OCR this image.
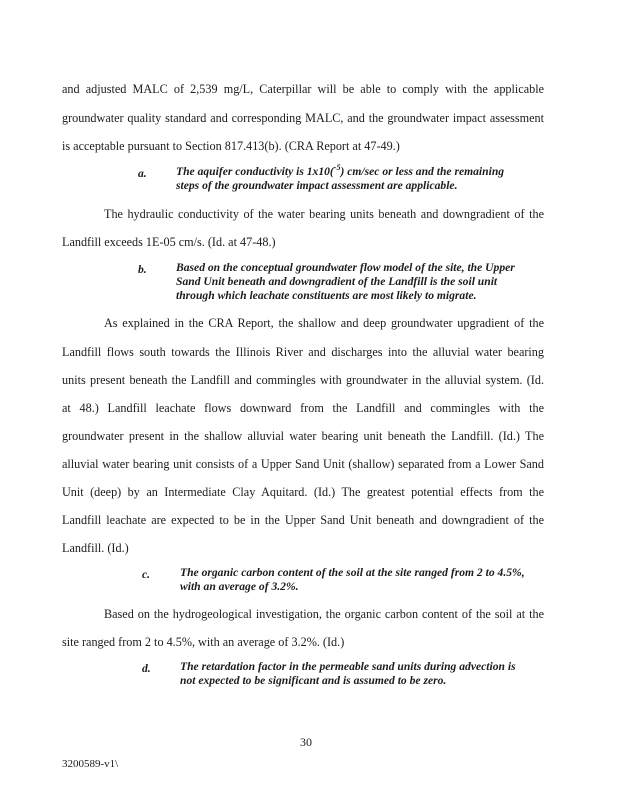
and adjusted MALC of 2,539 mg/L, Caterpillar will be able to comply with the applicable
groundwater quality standard and corresponding MALC, and the groundwater impact assessment
is acceptable pursuant to Section 817.413(b). (CRA Report at 47-49.)
a.	The aquifer conductivity is 1x10($^{-5}$) cm/sec or less and the remaining
steps of the groundwater impact assessment are applicable.
The hydraulic conductivity of the water bearing units beneath and downgradient of the
Landfill exceeds 1E-05 cm/s. (Id. at 47-48.)
b.	Based on the conceptual groundwater flow model of the site, the Upper
Sand Unit beneath and downgradient of the Landfill is the soil unit
through which leachate constituents are most likely to migrate.
As explained in the CRA Report, the shallow and deep groundwater upgradient of the
Landfill flows south towards the Illinois River and discharges into the alluvial water bearing
units present beneath the Landfill and commingles with groundwater in the alluvial system. (Id.
at 48.) Landfill leachate flows downward from the Landfill and commingles with the
groundwater present in the shallow alluvial water bearing unit beneath the Landfill. (Id.) The
alluvial water bearing unit consists of a Upper Sand Unit (shallow) separated from a Lower Sand
Unit (deep) by an Intermediate Clay Aquitard. (Id.) The greatest potential effects from the
Landfill leachate are expected to be in the Upper Sand Unit beneath and downgradient of the
Landfill. (Id.)
c.	The organic carbon content of the soil at the site ranged from 2 to 4.5%,
with an average of 3.2%.
Based on the hydrogeological investigation, the organic carbon content of the soil at the
site ranged from 2 to 4.5%, with an average of 3.2%. (Id.)
d.	The retardation factor in the permeable sand units during advection is
not expected to be significant and is assumed to be zero.
30
3200589-v1\
